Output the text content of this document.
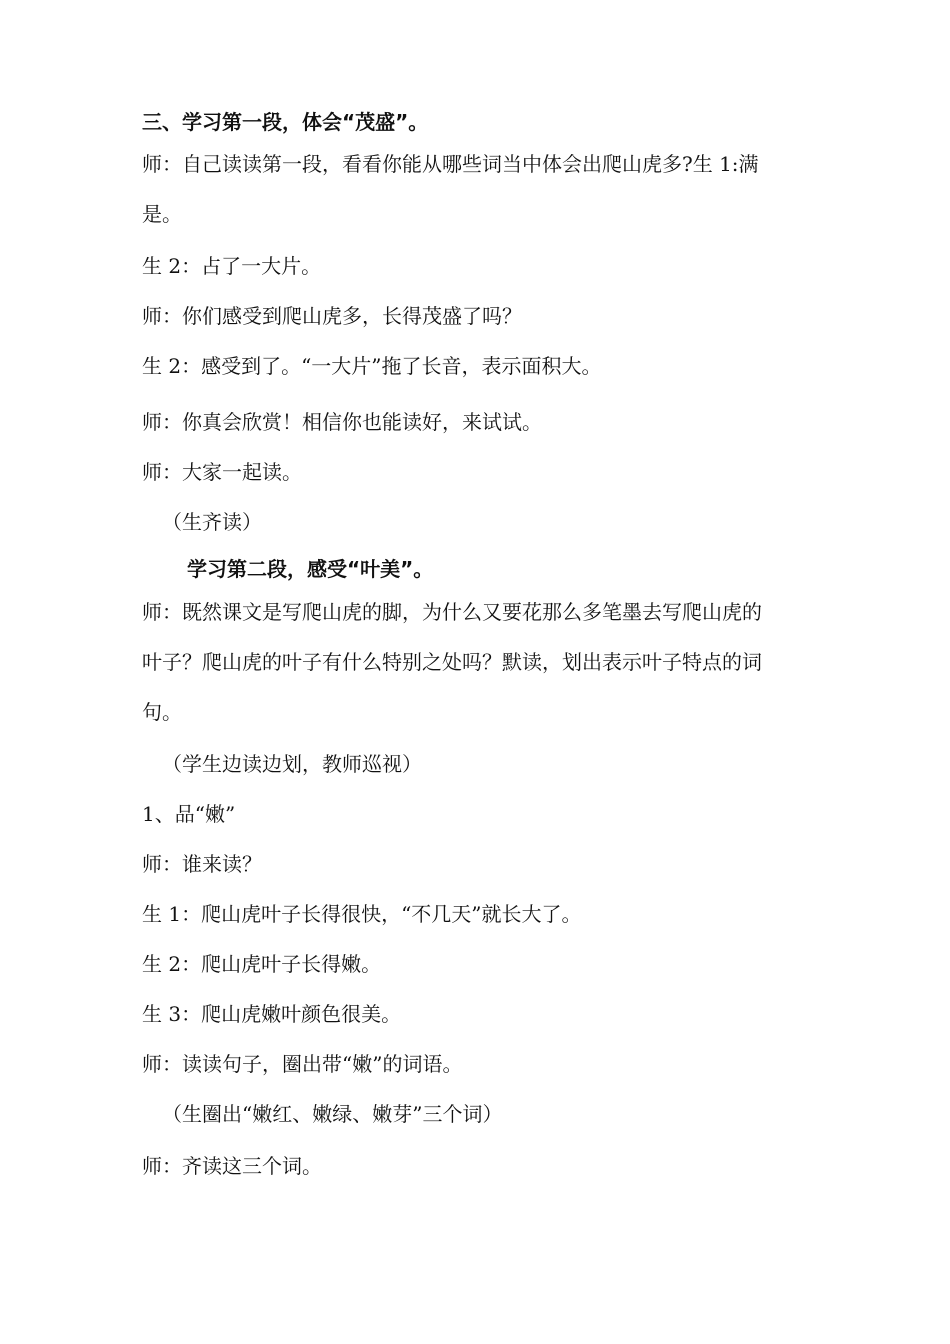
三、学习第一段，体会“茂盛”。
师：自己读读第一段，看看你能从哪些词当中体会出爬山虎多?生 1:满
是。
生 2：占了一大片。
师：你们感受到爬山虎多，长得茂盛了吗？
生 2：感受到了。“一大片”拖了长音，表示面积大。
师：你真会欣赏！相信你也能读好，来试试。
师：大家一起读。
（生齐读）
学习第二段，感受“叶美”。
师：既然课文是写爬山虎的脚，为什么又要花那么多笔墨去写爬山虎的
叶子？爬山虎的叶子有什么特别之处吗？默读，划出表示叶子特点的词
句。
（学生边读边划，教师巡视）
1、品“嫩”
师：谁来读？
生 1：爬山虎叶子长得很快，“不几天”就长大了。
生 2：爬山虎叶子长得嫩。
生 3：爬山虎嫩叶颜色很美。
师：读读句子，圈出带“嫩”的词语。
（生圈出“嫩红、嫩绿、嫩芽”三个词）
师：齐读这三个词。
